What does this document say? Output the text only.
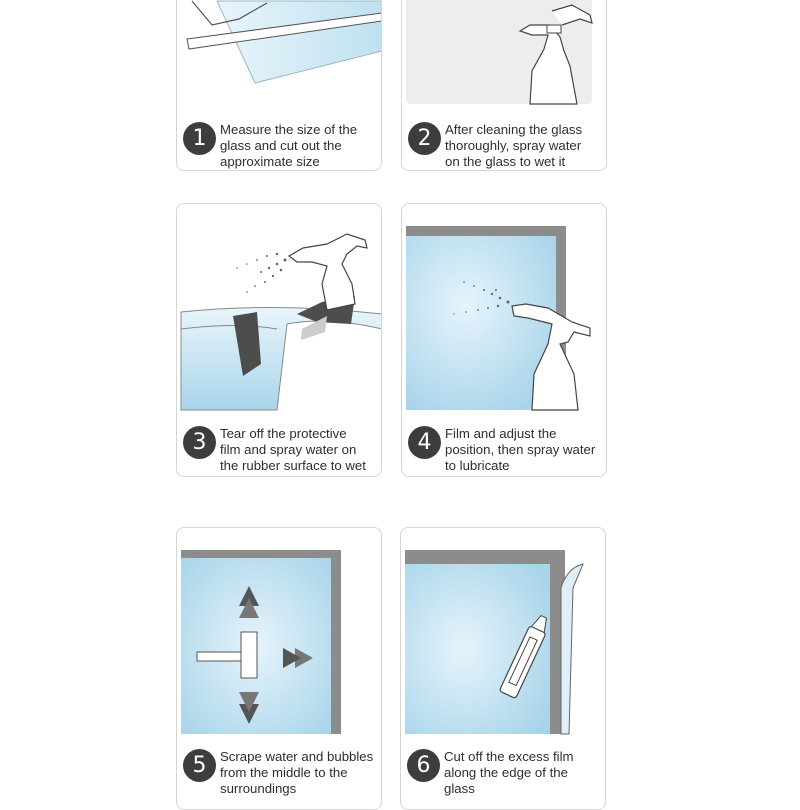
1	Measure the size of the
glass and cut out the
approximate size
2	After cleaning the glass
thoroughly, spray water
on the glass to wet it
3	Tear off the protective
film and spray water on
the rubber surface to wet
4	Film and adjust the
position, then spray water
to lubricate
5	Scrape water and bubbles
from the middle to the
surroundings
6	Cut off the excess film
along the edge of the
glass
